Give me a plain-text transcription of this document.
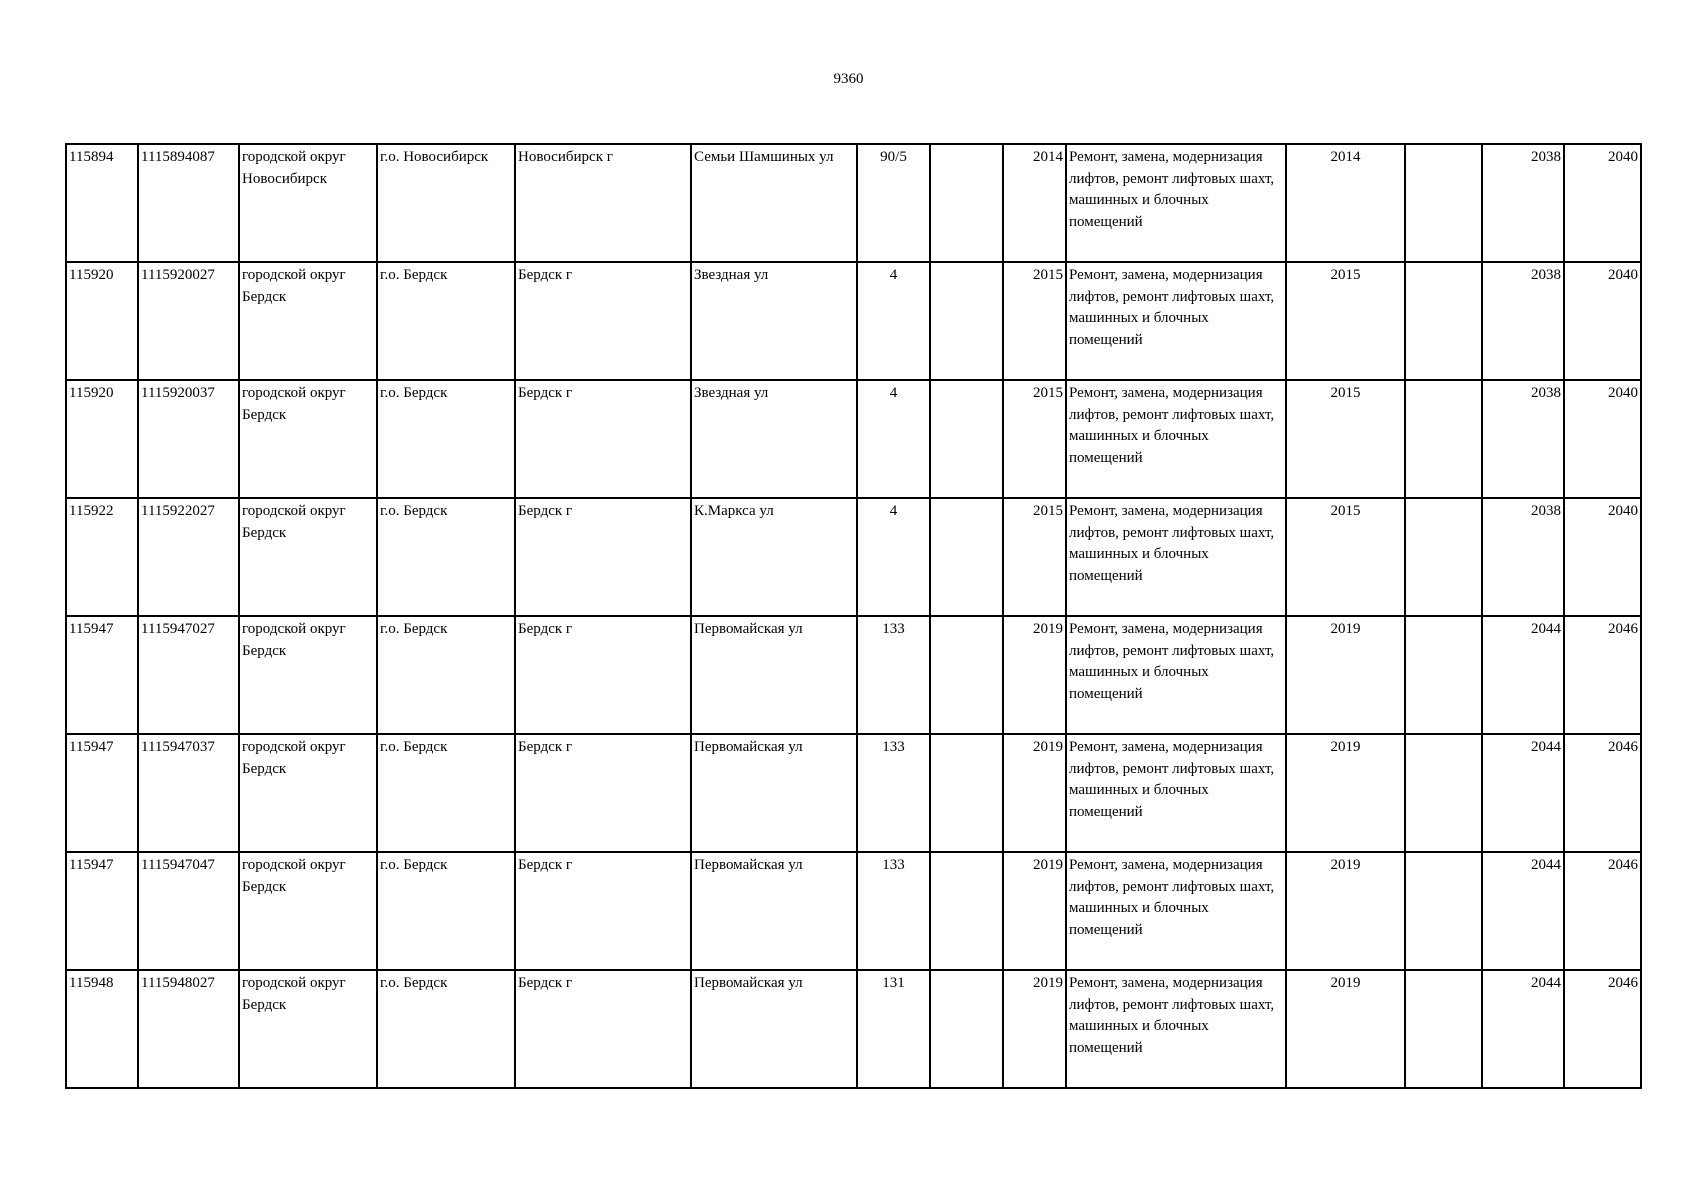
9360
115894	1115894087	городской округ Новосибирск	г.о. Новосибирск	Новосибирск г	Семьи Шамшиных ул	90/5		2014	Ремонт, замена, модернизация лифтов, ремонт лифтовых шахт, машинных и блочных помещений	2014		2038	2040
115920	1115920027	городской округ Бердск	г.о. Бердск	Бердск г	Звездная ул	4		2015	Ремонт, замена, модернизация лифтов, ремонт лифтовых шахт, машинных и блочных помещений	2015		2038	2040
115920	1115920037	городской округ Бердск	г.о. Бердск	Бердск г	Звездная ул	4		2015	Ремонт, замена, модернизация лифтов, ремонт лифтовых шахт, машинных и блочных помещений	2015		2038	2040
115922	1115922027	городской округ Бердск	г.о. Бердск	Бердск г	К.Маркса ул	4		2015	Ремонт, замена, модернизация лифтов, ремонт лифтовых шахт, машинных и блочных помещений	2015		2038	2040
115947	1115947027	городской округ Бердск	г.о. Бердск	Бердск г	Первомайская ул	133		2019	Ремонт, замена, модернизация лифтов, ремонт лифтовых шахт, машинных и блочных помещений	2019		2044	2046
115947	1115947037	городской округ Бердск	г.о. Бердск	Бердск г	Первомайская ул	133		2019	Ремонт, замена, модернизация лифтов, ремонт лифтовых шахт, машинных и блочных помещений	2019		2044	2046
115947	1115947047	городской округ Бердск	г.о. Бердск	Бердск г	Первомайская ул	133		2019	Ремонт, замена, модернизация лифтов, ремонт лифтовых шахт, машинных и блочных помещений	2019		2044	2046
115948	1115948027	городской округ Бердск	г.о. Бердск	Бердск г	Первомайская ул	131		2019	Ремонт, замена, модернизация лифтов, ремонт лифтовых шахт, машинных и блочных помещений	2019		2044	2046
